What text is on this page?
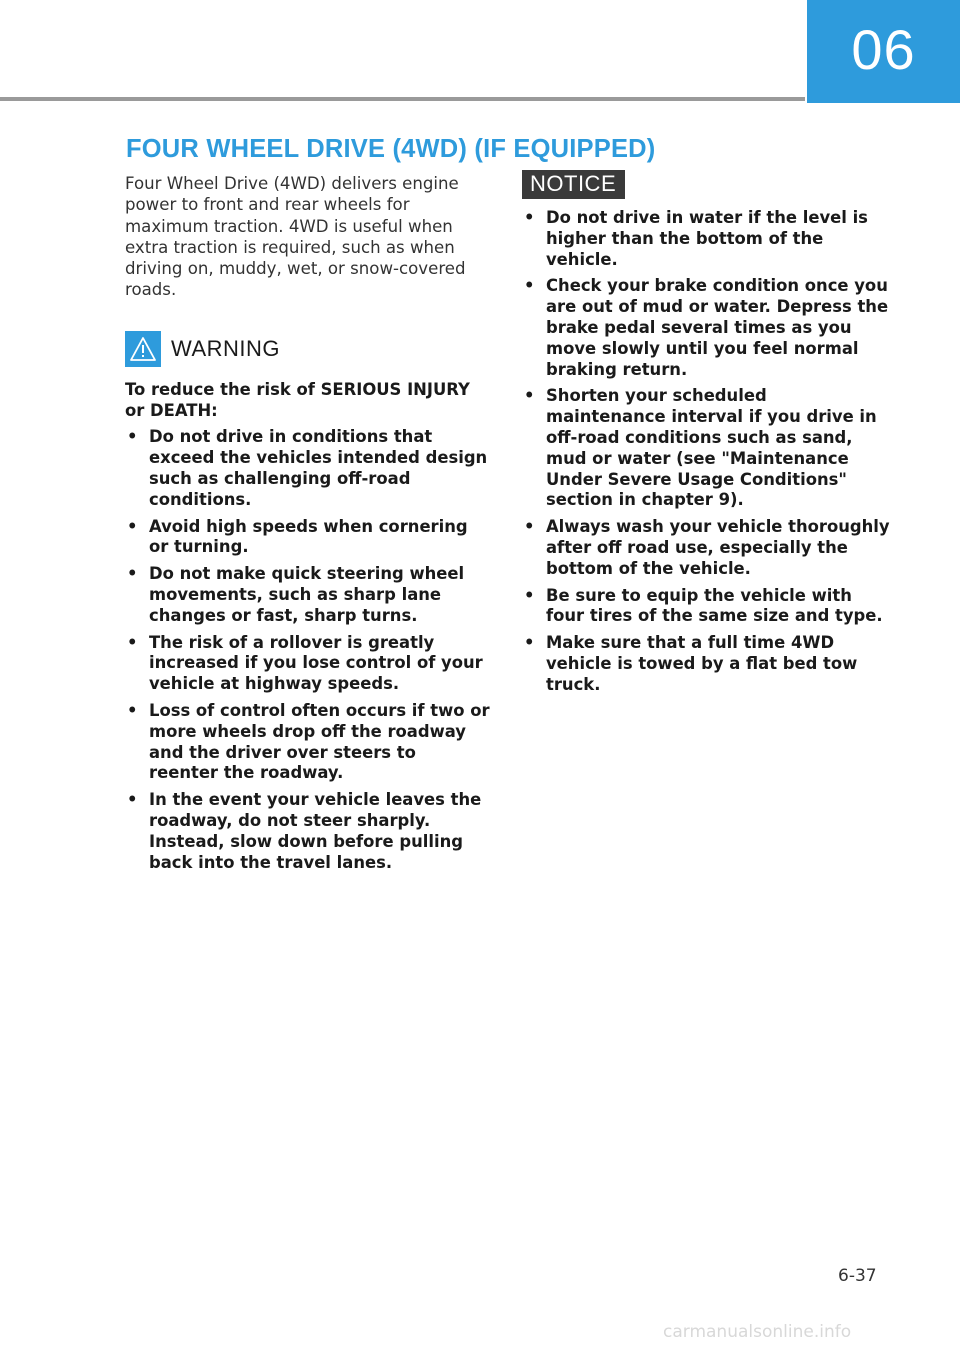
06
FOUR WHEEL DRIVE (4WD) (IF EQUIPPED)

Four Wheel Drive (4WD) delivers engine power to front and rear wheels for maximum traction. 4WD is useful when extra traction is required, such as when driving on, muddy, wet, or snow-covered roads.

WARNING

To reduce the risk of SERIOUS INJURY or DEATH:

• Do not drive in conditions that exceed the vehicles intended design such as challenging off-road conditions.
• Avoid high speeds when cornering or turning.
• Do not make quick steering wheel movements, such as sharp lane changes or fast, sharp turns.
• The risk of a rollover is greatly increased if you lose control of your vehicle at highway speeds.
• Loss of control often occurs if two or more wheels drop off the roadway and the driver over steers to reenter the roadway.
• In the event your vehicle leaves the roadway, do not steer sharply. Instead, slow down before pulling back into the travel lanes.
NOTICE
• Do not drive in water if the level is higher than the bottom of the vehicle.
• Check your brake condition once you are out of mud or water. Depress the brake pedal several times as you move slowly until you feel normal braking return.
• Shorten your scheduled maintenance interval if you drive in off-road conditions such as sand, mud or water (see "Maintenance Under Severe Usage Conditions" section in chapter 9).
• Always wash your vehicle thoroughly after off road use, especially the bottom of the vehicle.
• Be sure to equip the vehicle with four tires of the same size and type.
• Make sure that a full time 4WD vehicle is towed by a flat bed tow truck.
6-37
carmanualsonline.info
